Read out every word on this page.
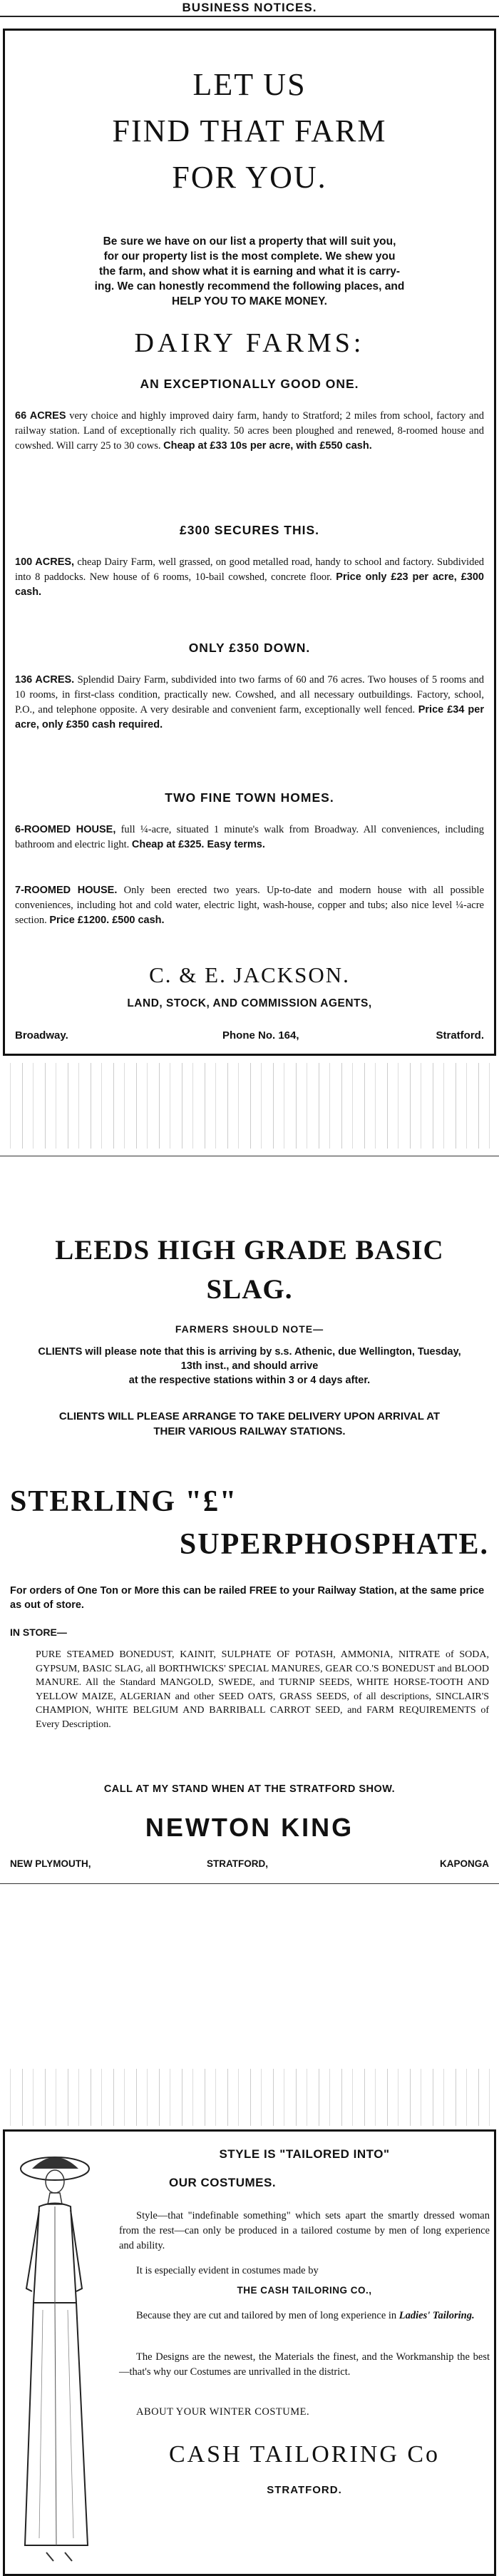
BUSINESS NOTICES.
LET US
FIND THAT FARM
FOR YOU.
Be sure we have on our list a property that will suit you,
for our property list is the most complete. We shew you
the farm, and show what it is earning and what it is carry-
ing. We can honestly recommend the following places, and
HELP YOU TO MAKE MONEY.
DAIRY FARMS:
AN EXCEPTIONALLY GOOD ONE.
66 ACRES very choice and highly improved dairy farm, handy to Stratford; 2 miles from school, factory and railway station. Land of exceptionally rich quality. 50 acres been ploughed and renewed, 8-roomed house and cowshed. Will carry 25 to 30 cows. Cheap at £33 10s per acre, with £550 cash.
£300 SECURES THIS.
100 ACRES, cheap Dairy Farm, well grassed, on good metalled road, handy to school and factory. Subdivided into 8 paddocks. New house of 6 rooms, 10-bail cowshed, concrete floor. Price only £23 per acre, £300 cash.
ONLY £350 DOWN.
136 ACRES. Splendid Dairy Farm, subdivided into two farms of 60 and 76 acres. Two houses of 5 rooms and 10 rooms, in first-class condition, practically new. Cowshed, and all necessary outbuildings. Factory, school, P.O., and telephone opposite. A very desirable and convenient farm, exceptionally well fenced. Price £34 per acre, only £350 cash required.
TWO FINE TOWN HOMES.
6-ROOMED HOUSE, full ¼-acre, situated 1 minute's walk from Broadway. All conveniences, including bathroom and electric light. Cheap at £325. Easy terms.
7-ROOMED HOUSE. Only been erected two years. Up-to-date and modern house with all possible conveniences, including hot and cold water, electric light, wash-house, copper and tubs; also nice level ¼-acre section. Price £1200. £500 cash.
C. & E. JACKSON.
LAND, STOCK, AND COMMISSION AGENTS,
Broadway.	Phone No. 164,	Stratford.
LEEDS HIGH GRADE BASIC
SLAG.
FARMERS SHOULD NOTE—
CLIENTS will please note that this is arriving by s.s. Athenic, due Wellington, Tuesday, 13th inst., and should arrive
at the respective stations within 3 or 4 days after.
CLIENTS WILL PLEASE ARRANGE TO TAKE DELIVERY UPON ARRIVAL AT THEIR VARIOUS RAILWAY STATIONS.
STERLING "£"
SUPERPHOSPHATE.
For orders of One Ton or More this can be railed FREE to your Railway Station, at the same price as out of store.
IN STORE—
PURE STEAMED BONEDUST, KAINIT, SULPHATE OF POTASH, AMMONIA, NITRATE of SODA, GYPSUM, BASIC SLAG, all BORTHWICKS' SPECIAL MANURES, GEAR CO.'S BONEDUST and BLOOD MANURE. All the Standard MANGOLD, SWEDE, and TURNIP SEEDS, WHITE HORSE-TOOTH AND YELLOW MAIZE, ALGERIAN and other SEED OATS, GRASS SEEDS, of all descriptions, SINCLAIR'S CHAMPION, WHITE BELGIUM AND BARRIBALL CARROT SEED, and FARM REQUIREMENTS of Every Description.
CALL AT MY STAND WHEN AT THE STRATFORD SHOW.
NEWTON KING
NEW PLYMOUTH,	STRATFORD,	KAPONGA
STYLE IS "TAILORED INTO"
OUR COSTUMES.
Style—that "indefinable something" which sets apart the smartly dressed woman from the rest—can only be produced in a tailored costume by men of long experience and ability.
It is especially evident in costumes made by
THE CASH TAILORING CO.,
Because they are cut and tailored by men of long experience in Ladies' Tailoring.
The Designs are the newest, the Materials the finest, and the Workmanship the best—that's why our Costumes are unrivalled in the district.
ABOUT YOUR WINTER COSTUME.
CASH TAILORING Co
STRATFORD.
